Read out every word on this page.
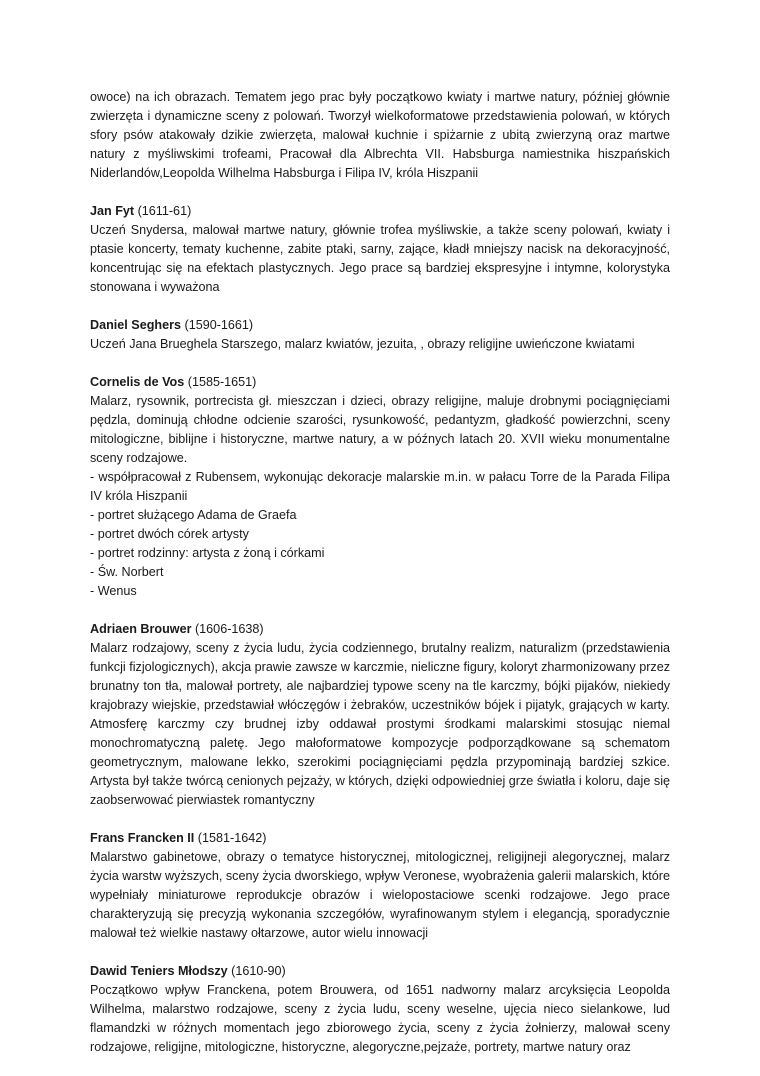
owoce) na ich obrazach. Tematem jego prac były początkowo kwiaty i martwe natury, później głównie zwierzęta i dynamiczne sceny z polowań. Tworzył wielkoformatowe przedstawienia polowań, w których sfory psów atakowały dzikie zwierzęta, malował kuchnie i spiżarnie z ubitą zwierzyną oraz martwe natury z myśliwskimi trofeami, Pracował dla Albrechta VII. Habsburga namiestnika hiszpańskich Niderlandów,Leopolda Wilhelma Habsburga i Filipa IV, króla Hiszpanii

Jan Fyt (1611-61)

Uczeń Snydersa, malował martwe natury, głównie trofea myśliwskie, a także sceny polowań, kwiaty i ptasie koncerty, tematy kuchenne, zabite ptaki, sarny, zające, kładł mniejszy nacisk na dekoracyjność, koncentrując się na efektach plastycznych. Jego prace są bardziej ekspresyjne i intymne, kolorystyka stonowana i wyważona

Daniel Seghers (1590-1661)

Uczeń Jana Brueghela Starszego, malarz kwiatów, jezuita, , obrazy religijne uwieńczone kwiatami

Cornelis de Vos (1585-1651)

Malarz, rysownik, portrecista gł. mieszczan i dzieci, obrazy religijne, maluje drobnymi pociągnięciami pędzla, dominują chłodne odcienie szarości, rysunkowość, pedantyzm, gładkość powierzchni, sceny mitologiczne, biblijne i historyczne, martwe natury, a w późnych latach 20. XVII wieku monumentalne sceny rodzajowe.

- współpracował z Rubensem, wykonując dekoracje malarskie m.in. w pałacu Torre de la Parada Filipa IV króla Hiszpanii

- portret służącego Adama de Graefa

- portret dwóch córek artysty

- portret rodzinny: artysta z żoną i córkami

- Św. Norbert

- Wenus

Adriaen Brouwer (1606-1638)

Malarz rodzajowy, sceny z życia ludu, życia codziennego, brutalny realizm, naturalizm (przedstawienia funkcji fizjologicznych), akcja prawie zawsze w karczmie, nieliczne figury, koloryt zharmonizowany przez brunatny ton tła, malował portrety, ale najbardziej typowe sceny na tle karczmy, bójki pijaków, niekiedy krajobrazy wiejskie, przedstawiał włóczęgów i żebraków, uczestników bójek i pijatyk, grających w karty. Atmosferę karczmy czy brudnej izby oddawał prostymi środkami malarskimi stosując niemal monochromatyczną paletę. Jego małoformatowe kompozycje podporządkowane są schematom geometrycznym, malowane lekko, szerokimi pociągnięciami pędzla przypominają bardziej szkice. Artysta był także twórcą cenionych pejzaży, w których, dzięki odpowiedniej grze światła i koloru, daje się zaobserwować pierwiastek romantyczny

Frans Francken II (1581-1642)

Malarstwo gabinetowe, obrazy o tematyce historycznej, mitologicznej, religijneji alegorycznej, malarz życia warstw wyższych, sceny życia dworskiego, wpływ Veronese, wyobrażenia galerii malarskich, które wypełniały miniaturowe reprodukcje obrazów i wielopostaciowe scenki rodzajowe. Jego prace charakteryzują się precyzją wykonania szczegółów, wyrafinowanym stylem i elegancją, sporadycznie malował też wielkie nastawy ołtarzowe, autor wielu innowacji

Dawid Teniers Młodszy (1610-90)

Początkowo wpływ Franckena, potem Brouwera, od 1651 nadworny malarz arcyksięcia Leopolda Wilhelma, malarstwo rodzajowe, sceny z życia ludu, sceny weselne, ujęcia nieco sielankowe, lud flamandzki w różnych momentach jego zbiorowego życia, sceny z życia żołnierzy, malował sceny rodzajowe, religijne, mitologiczne, historyczne, alegoryczne,pejzaże, portrety, martwe natury oraz
